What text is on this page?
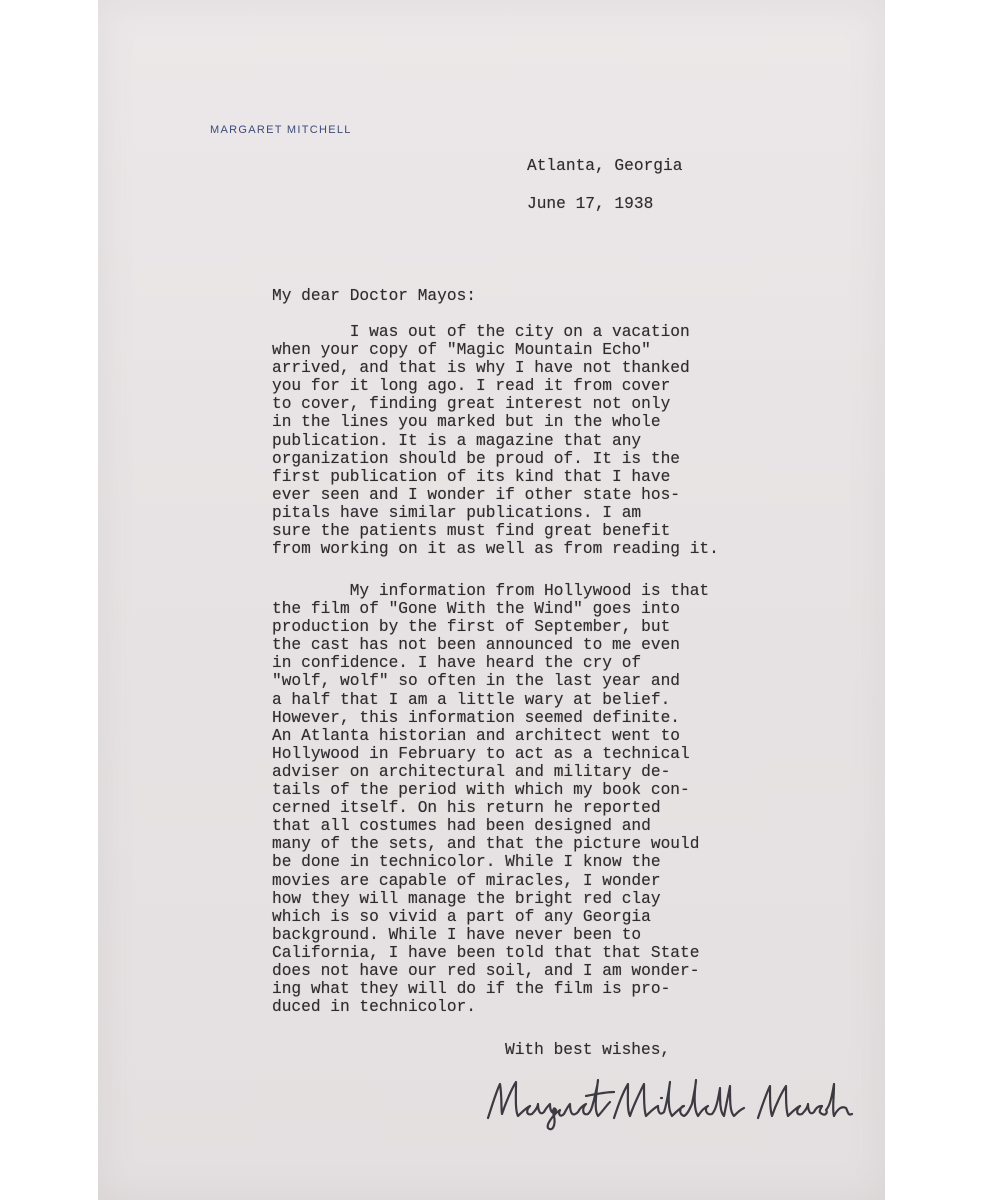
MARGARET MITCHELL
Atlanta, Georgia
June 17, 1938
My dear Doctor Mayos:
I was out of the city on a vacation
when your copy of "Magic Mountain Echo"
arrived, and that is why I have not thanked
you for it long ago. I read it from cover
to cover, finding great interest not only
in the lines you marked but in the whole
publication. It is a magazine that any
organization should be proud of. It is the
first publication of its kind that I have
ever seen and I wonder if other state hos-
pitals have similar publications. I am
sure the patients must find great benefit
from working on it as well as from reading it.
My information from Hollywood is that
the film of "Gone With the Wind" goes into
production by the first of September, but
the cast has not been announced to me even
in confidence. I have heard the cry of
"wolf, wolf" so often in the last year and
a half that I am a little wary at belief.
However, this information seemed definite.
An Atlanta historian and architect went to
Hollywood in February to act as a technical
adviser on architectural and military de-
tails of the period with which my book con-
cerned itself. On his return he reported
that all costumes had been designed and
many of the sets, and that the picture would
be done in technicolor. While I know the
movies are capable of miracles, I wonder
how they will manage the bright red clay
which is so vivid a part of any Georgia
background. While I have never been to
California, I have been told that that State
does not have our red soil, and I am wonder-
ing what they will do if the film is pro-
duced in technicolor.
With best wishes,
